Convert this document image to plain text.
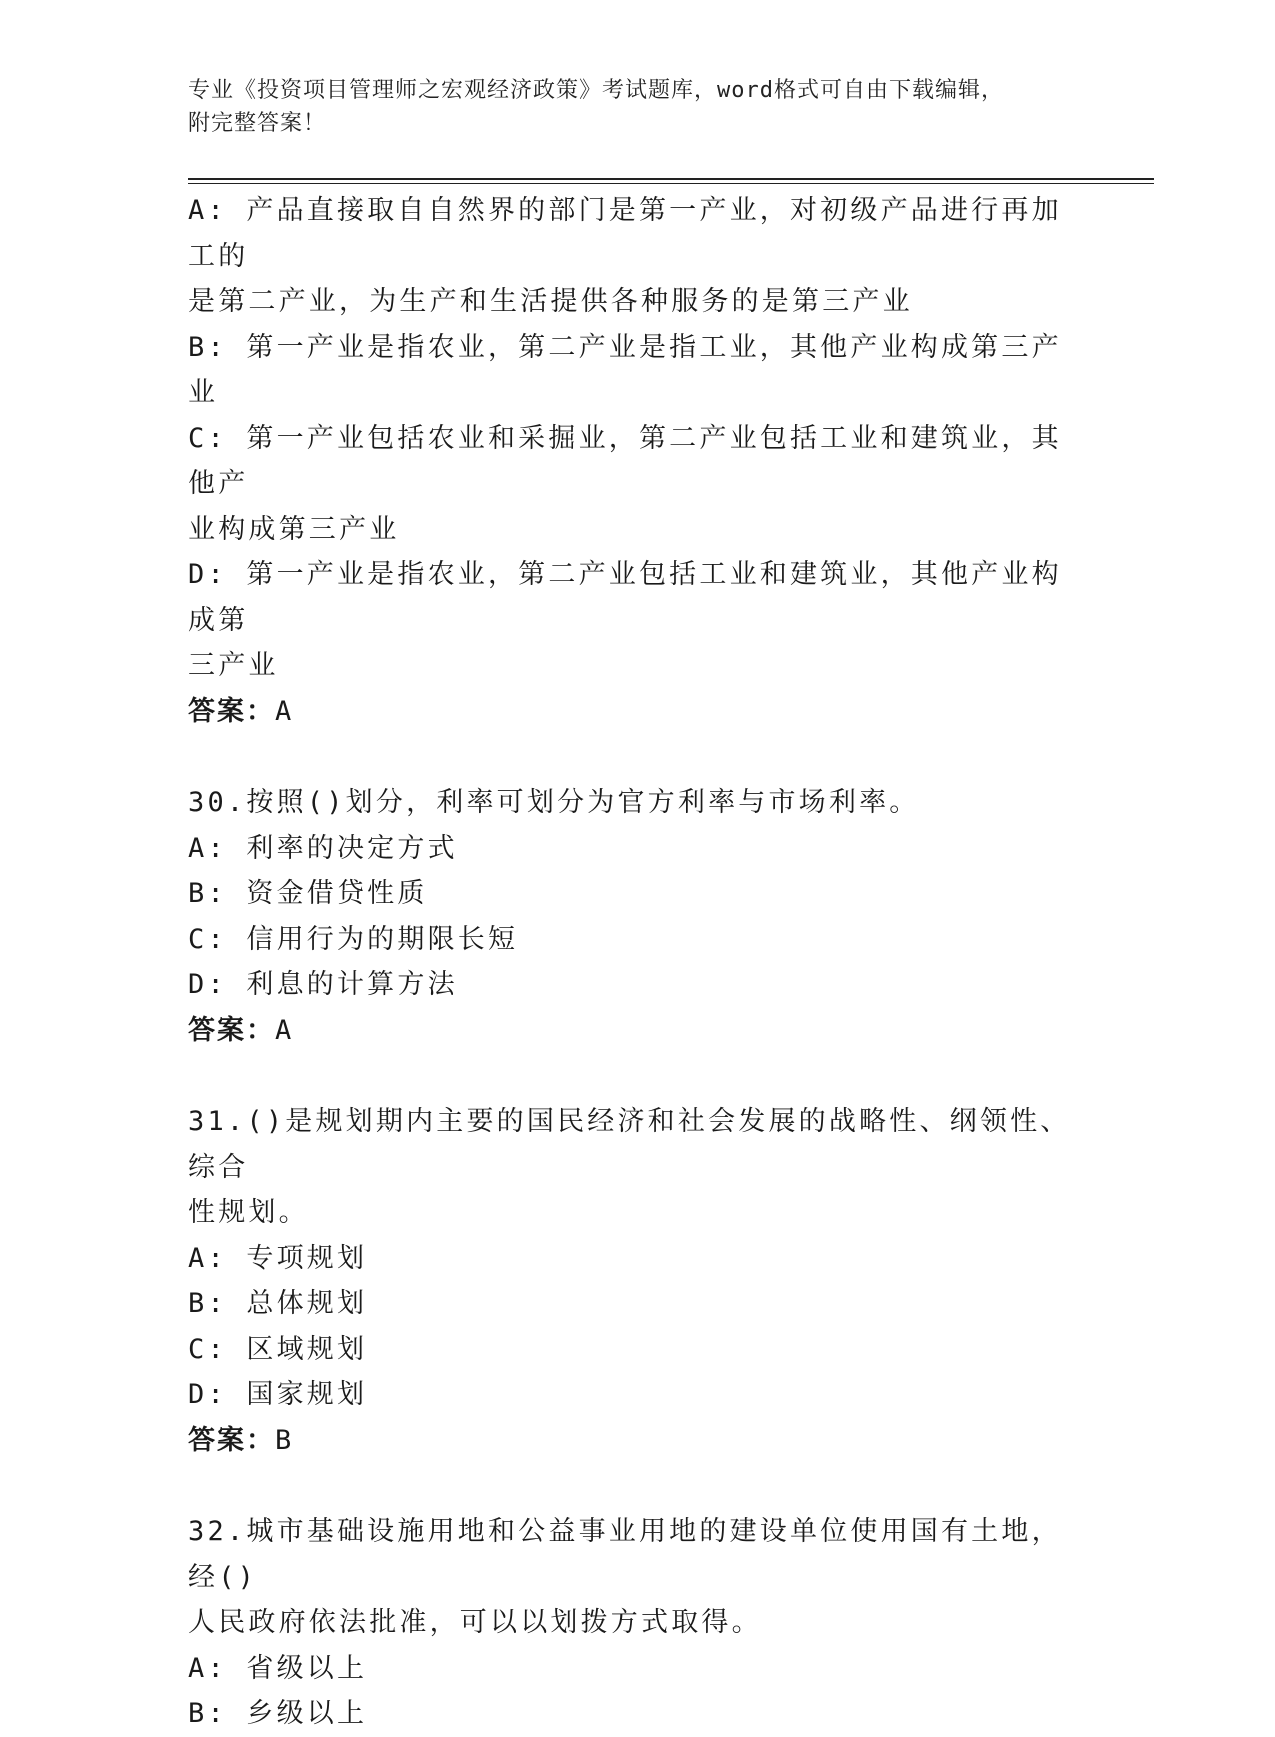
专业《投资项目管理师之宏观经济政策》考试题库，word格式可自由下载编辑，
附完整答案！
A: 产品直接取自自然界的部门是第一产业，对初级产品进行再加工的
是第二产业，为生产和生活提供各种服务的是第三产业
B: 第一产业是指农业，第二产业是指工业，其他产业构成第三产业
C: 第一产业包括农业和采掘业，第二产业包括工业和建筑业，其他产
业构成第三产业
D: 第一产业是指农业，第二产业包括工业和建筑业，其他产业构成第
三产业
答案：A
30.按照()划分，利率可划分为官方利率与市场利率。
A: 利率的决定方式
B: 资金借贷性质
C: 信用行为的期限长短
D: 利息的计算方法
答案：A
31.()是规划期内主要的国民经济和社会发展的战略性、纲领性、综合
性规划。
A: 专项规划
B: 总体规划
C: 区域规划
D: 国家规划
答案：B
32.城市基础设施用地和公益事业用地的建设单位使用国有土地，经()
人民政府依法批准，可以以划拨方式取得。
A: 省级以上
B: 乡级以上
